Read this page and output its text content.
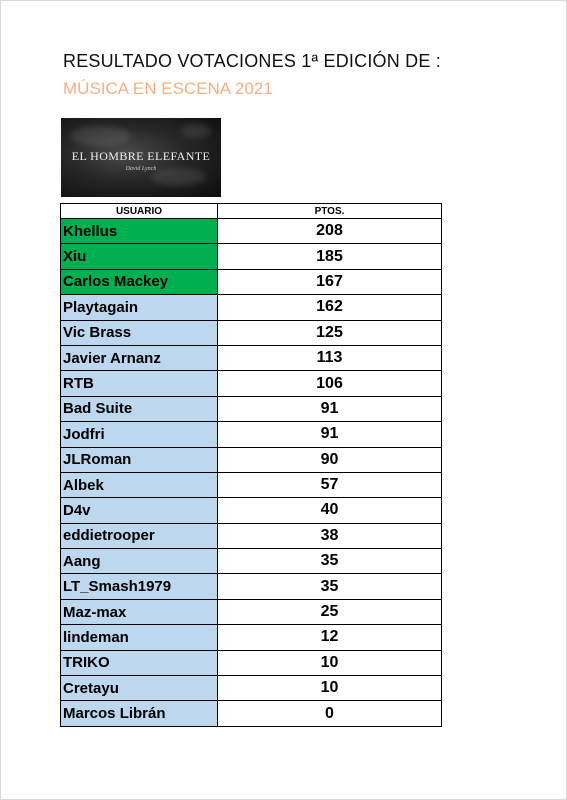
RESULTADO VOTACIONES 1ª EDICIÓN DE :
MÚSICA EN ESCENA 2021
EL HOMBRE ELEFANTE
David Lynch
USUARIO	PTOS.
Khellus	208
Xiu	185
Carlos Mackey	167
Playtagain	162
Vic Brass	125
Javier Arnanz	113
RTB	106
Bad Suite	91
Jodfri	91
JLRoman	90
Albek	57
D4v	40
eddietrooper	38
Aang	35
LT_Smash1979	35
Maz-max	25
lindeman	12
TRIKO	10
Cretayu	10
Marcos Librán	0
